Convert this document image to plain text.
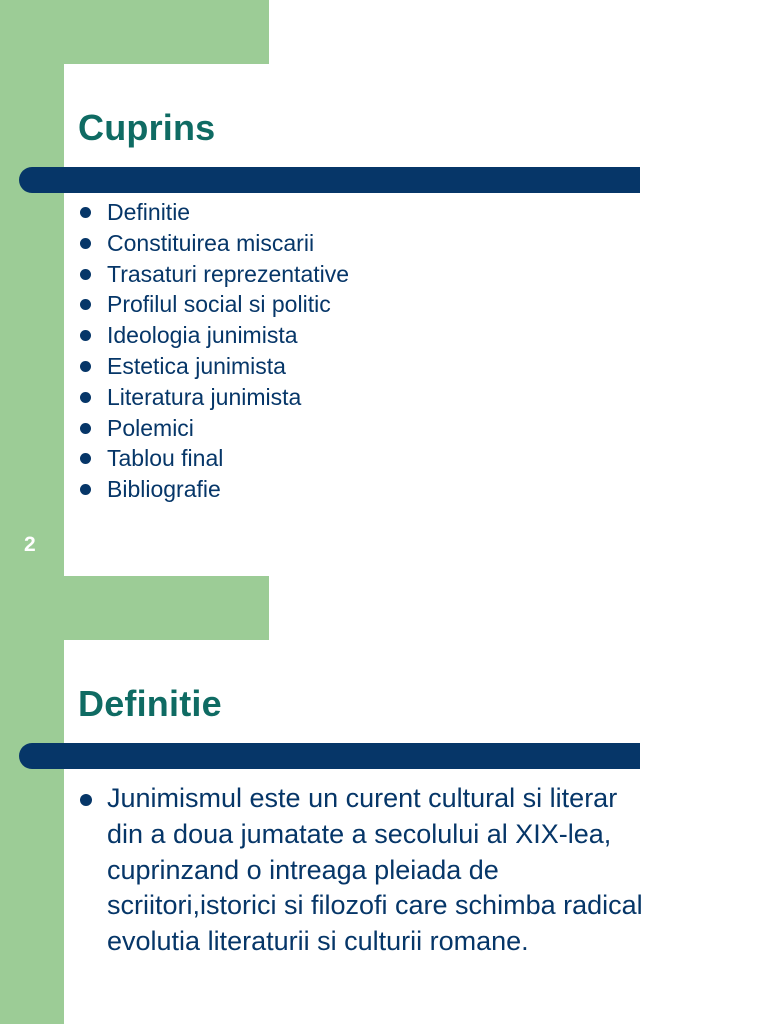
Cuprins
Definitie
Constituirea miscarii
Trasaturi reprezentative
Profilul social si politic
Ideologia junimista
Estetica junimista
Literatura junimista
Polemici
Tablou final
Bibliografie
2
Definitie
Junimismul este un curent cultural si literar
din a doua jumatate a secolului al XIX-lea,
cuprinzand o intreaga pleiada de
scriitori,istorici si filozofi care schimba radical
evolutia literaturii si culturii romane.
